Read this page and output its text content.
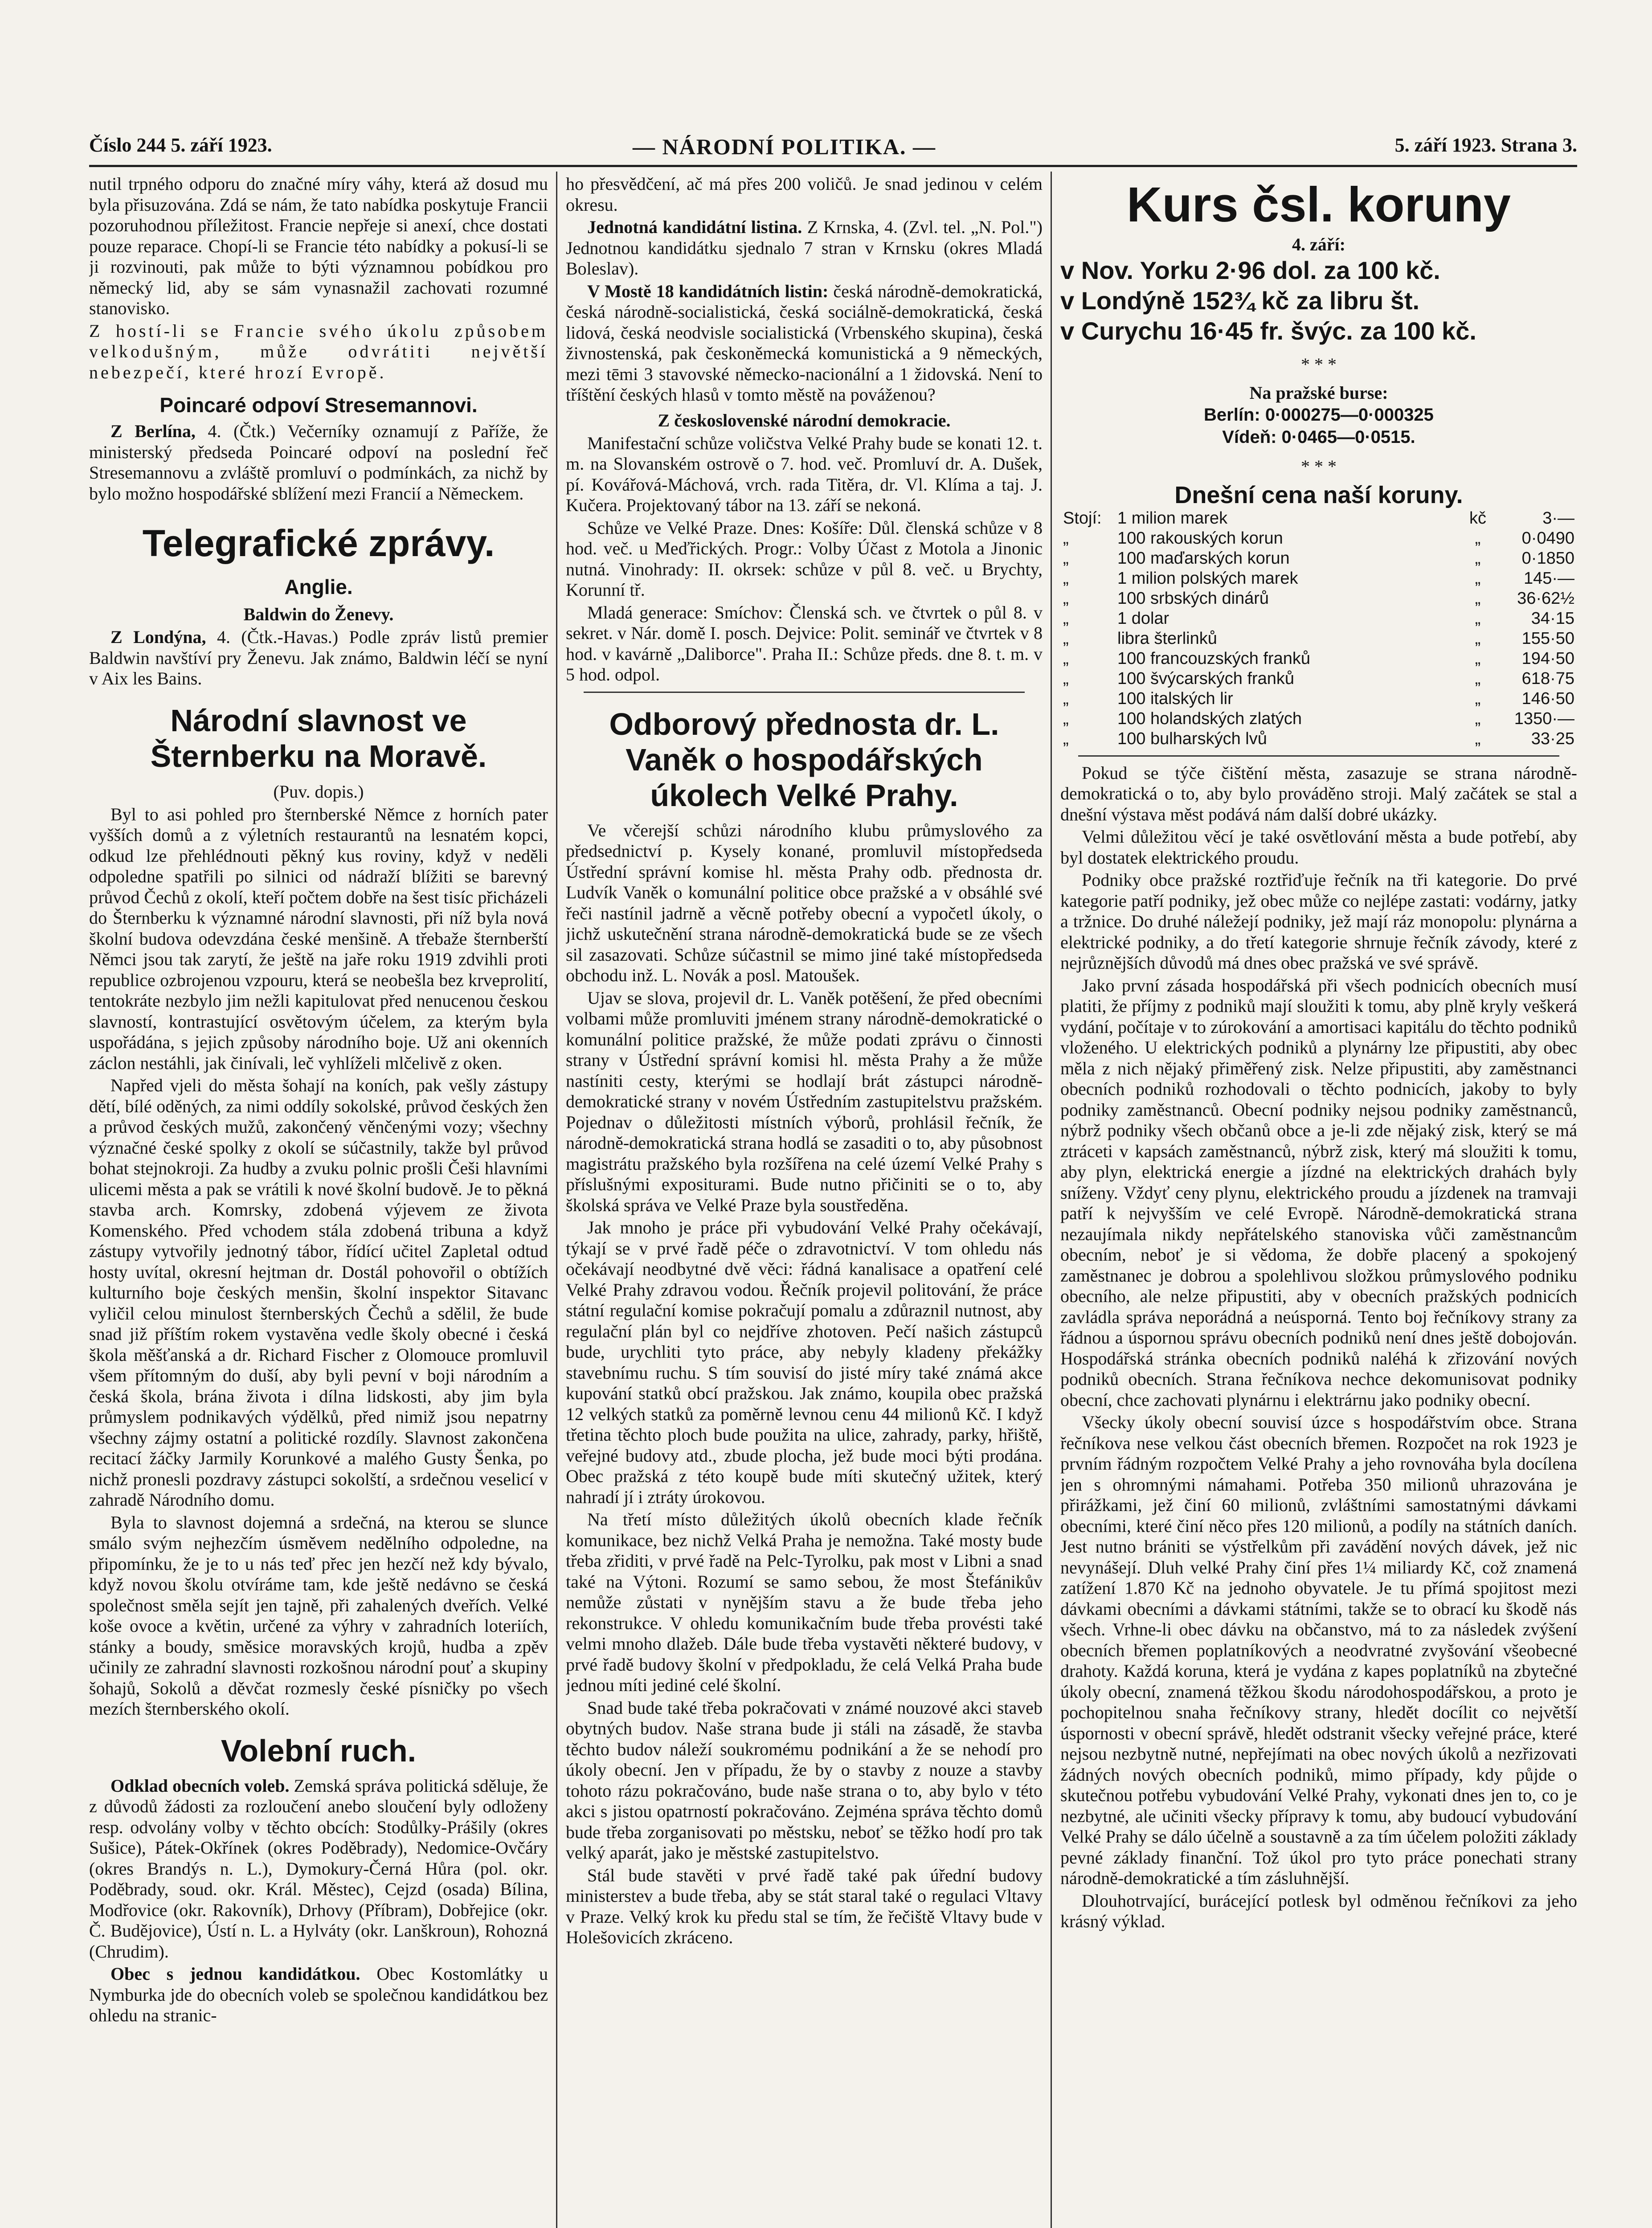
Číslo 244 5. září 1923.	— NÁRODNÍ POLITIKA. —	5. září 1923. Strana 3.

nutil trpného odporu do značné míry váhy, která až dosud mu byla přisuzována. Zdá se nám, že tato nabídka poskytuje Francii pozoruhodnou příležitost. Francie nepřeje si anexí, chce dostati pouze reparace. Chopí-li se Francie této nabídky a pokusí-li se ji rozvinouti, pak může to býti významnou pobídkou pro německý lid, aby se sám vynasnažil zachovati rozumné stanovisko.

Z hostí-li se Francie svého úkolu způsobem velkodušným, může odvrátiti největší nebezpečí, které hrozí Evropě.

Poincaré odpoví Stresemannovi.

Z Berlína, 4. (Čtk.) Večerníky oznamují z Paříže, že ministerský předseda Poincaré odpoví na poslední řeč Stresemannovu a zvláště promluví o podmínkách, za nichž by bylo možno hospodářské sblížení mezi Francií a Německem.

Telegrafické zprávy.
Anglie.
Baldwin do Ženevy.

Z Londýna, 4. (Čtk.-Havas.) Podle zpráv listů premier Baldwin navštíví pry Ženevu. Jak známo, Baldwin léčí se nyní v Aix les Bains.

Národní slavnost ve Šternberku na Moravě.
(Puv. dopis.)

Byl to asi pohled pro šternberské Němce z horních pater vyšších domů a z výletních restaurantů na lesnatém kopci, odkud lze přehlédnouti pěkný kus roviny, když v neděli odpoledne spatřili po silnici od nádraží blížiti se barevný průvod Čechů z okolí, kteří počtem dobře na šest tisíc přicházeli do Šternberku k významné národní slavnosti, při níž byla nová školní budova odevzdána české menšině. A třebaže šternberští Němci jsou tak zarytí, že ještě na jaře roku 1919 zdvihli proti republice ozbrojenou vzpouru, která se neobešla bez krveprolití, tentokráte nezbylo jim nežli kapitulovat před nenucenou českou slavností, kontrastující osvětovým účelem, za kterým byla uspořádána, s jejich způsoby národního boje. Už ani okenních záclon nestáhli, jak činívali, leč vyhlíželi mlčelivě z oken.

Napřed vjeli do města šohají na koních, pak vešly zástupy dětí, bílé oděných, za nimi oddíly sokolské, průvod českých žen a průvod českých mužů, zakončený věnčenými vozy; všechny význačné české spolky z okolí se súčastnily, takže byl průvod bohat stejnokroji. Za hudby a zvuku polnic prošli Češi hlavními ulicemi města a pak se vrátili k nové školní budově. Je to pěkná stavba arch. Komrsky, zdobená výjevem ze života Komenského. Před vchodem stála zdobená tribuna a když zástupy vytvořily jednotný tábor, řídící učitel Zapletal odtud hosty uvítal, okresní hejtman dr. Dostál pohovořil o obtížích kulturního boje českých menšin, školní inspektor Sitavanc vyličil celou minulost šternberských Čechů a sdělil, že bude snad již příštím rokem vystavěna vedle školy obecné i česká škola měšťanská a dr. Richard Fischer z Olomouce promluvil všem přítomným do duší, aby byli pevní v boji národním a česká škola, brána života i dílna lidskosti, aby jim byla průmyslem podnikavých výdělků, před nimiž jsou nepatrny všechny zájmy ostatní a politické rozdíly. Slavnost zakončena recitací žáčky Jarmily Korunkové a malého Gusty Šenka, po nichž pronesli pozdravy zástupci sokolští, a srdečnou veselicí v zahradě Národního domu.

Byla to slavnost dojemná a srdečná, na kterou se slunce smálo svým nejhezčím úsměvem nedělního odpoledne, na připomínku, že je to u nás teď přec jen hezčí než kdy bývalo, když novou školu otvíráme tam, kde ještě nedávno se česká společnost směla sejít jen tajně, při zahalených dveřích. Velké koše ovoce a květin, určené za výhry v zahradních loteriích, stánky a boudy, směsice moravských krojů, hudba a zpěv učinily ze zahradní slavnosti rozkošnou národní pouť a skupiny šohajů, Sokolů a děvčat rozmesly české písničky po všech mezích šternberského okolí.

Volební ruch.

Odklad obecních voleb. Zemská správa politická sděluje, že z důvodů žádosti za rozloučení anebo sloučení byly odloženy resp. odvolány volby v těchto obcích: Stodůlky-Prášily (okres Sušice), Pátek-Okřínek (okres Poděbrady), Nedomice-Ovčáry (okres Brandýs n. L.), Dymokury-Černá Hůra (pol. okr. Poděbrady, soud. okr. Král. Městec), Cejzd (osada) Bílina, Modřovice (okr. Rakovník), Drhovy (Příbram), Dobřejice (okr. Č. Budějovice), Ústí n. L. a Hylváty (okr. Lanškroun), Rohozná (Chrudim).

Obec s jednou kandidátkou. Obec Kostomlátky u Nymburka jde do obecních voleb se společnou kandidátkou bez ohledu na stranic-

ho přesvědčení, ač má přes 200 voličů. Je snad jedinou v celém okresu.

Jednotná kandidátní listina. Z Krnska, 4. (Zvl. tel. „N. Pol.") Jednotnou kandidátku sjednalo 7 stran v Krnsku (okres Mladá Boleslav).

V Mostě 18 kandidátních listin: česká národně-demokratická, česká národně-socialistická, česká sociálně-demokratická, česká lidová, česká neodvisle socialistická (Vrbenského skupina), česká živnostenská, pak českoněmecká komunistická a 9 německých, mezi tēmi 3 stavovské německo-nacionální a 1 židovská. Není to tříštění českých hlasů v tomto městě na pováženou?

Z československé národní demokracie.

Manifestační schůze voličstva Velké Prahy bude se konati 12. t. m. na Slovanském ostrově o 7. hod. več. Promluví dr. A. Dušek, pí. Kovářová-Máchová, vrch. rada Titěra, dr. Vl. Klíma a taj. J. Kučera. Projektovaný tábor na 13. září se nekoná.

Schůze ve Velké Praze. Dnes: Košíře: Důl. členská schůze v 8 hod. več. u Meďřických. Progr.: Volby Účast z Motola a Jinonic nutná. Vinohrady: II. okrsek: schůze v půl 8. več. u Brychty, Korunní tř.

Mladá generace: Smíchov: Členská sch. ve čtvrtek o půl 8. v sekret. v Nár. domě I. posch. Dejvice: Polit. seminář ve čtvrtek v 8 hod. v kavárně „Daliborce". Praha II.: Schůze předs. dne 8. t. m. v 5 hod. odpol.

Odborový přednosta dr. L. Vaněk o hospodářských úkolech Velké Prahy.

Ve včerejší schůzi národního klubu průmyslového za předsednictví p. Kysely konané, promluvil místopředseda Ústřední správní komise hl. města Prahy odb. přednosta dr. Ludvík Vaněk o komunální politice obce pražské a v obsáhlé své řeči nastínil jadrně a věcně potřeby obecní a vypočetl úkoly, o jichž uskutečnění strana národně-demokratická bude se ze všech sil zasazovati. Schůze súčastnil se mimo jiné také místopředseda obchodu inž. L. Novák a posl. Matoušek.

Ujav se slova, projevil dr. L. Vaněk potěšení, že před obecními volbami může promluviti jménem strany národně-demokratické o komunální politice pražské, že může podati zprávu o činnosti strany v Ústřední správní komisi hl. města Prahy a že může nastíniti cesty, kterými se hodlají brát zástupci národně-demokratické strany v novém Ústředním zastupitelstvu pražském. Pojednav o důležitosti místních výborů, prohlásil řečník, že národně-demokratická strana hodlá se zasaditi o to, aby působnost magistrátu pražského byla rozšířena na celé území Velké Prahy s příslušnými expositurami. Bude nutno přičiniti se o to, aby školská správa ve Velké Praze byla soustředěna.

Jak mnoho je práce při vybudování Velké Prahy očekávají, týkají se v prvé řadě péče o zdravotnictví. V tom ohledu nás očekávají neodbytné dvě věci: řádná kanalisace a opatření celé Velké Prahy zdravou vodou. Řečník projevil politování, že práce státní regulační komise pokračují pomalu a zdůraznil nutnost, aby regulační plán byl co nejdříve zhotoven. Pečí našich zástupců bude, urychliti tyto práce, aby nebyly kladeny překážky stavebnímu ruchu. S tím souvisí do jisté míry také známá akce kupování statků obcí pražskou. Jak známo, koupila obec pražská 12 velkých statků za poměrně levnou cenu 44 milionů Kč. I když třetina těchto ploch bude použita na ulice, zahrady, parky, hřiště, veřejné budovy atd., zbude plocha, jež bude moci býti prodána. Obec pražská z této koupě bude míti skutečný užitek, který nahradí jí i ztráty úrokovou.

Na třetí místo důležitých úkolů obecních klade řečník komunikace, bez nichž Velká Praha je nemožna. Také mosty bude třeba zřiditi, v prvé řadě na Pelc-Tyrolku, pak most v Libni a snad také na Výtoni. Rozumí se samo sebou, že most Štefánikův nemůže zůstati v nynějším stavu a že bude třeba jeho rekonstrukce. V ohledu komunikačním bude třeba provésti také velmi mnoho dlažeb. Dále bude třeba vystavěti některé budovy, v prvé řadě budovy školní v předpokladu, že celá Velká Praha bude jednou míti jediné celé školní.

Snad bude také třeba pokračovati v známé nouzové akci staveb obytných budov. Naše strana bude ji stáli na zásadě, že stavba těchto budov náleží soukromému podnikání a že se nehodí pro úkoly obecní. Jen v případu, že by o stavby z nouze a stavby tohoto rázu pokračováno, bude naše strana o to, aby bylo v této akci s jistou opatrností pokračováno. Zejména správa těchto domů bude třeba zorganisovati po městsku, neboť se těžko hodí pro tak velký aparát, jako je městské zastupitelstvo.

Stál bude stavěti v prvé řadě také pak úřední budovy ministerstev a bude třeba, aby se stát staral také o regulaci Vltavy v Praze. Velký krok ku předu stal se tím, že řečiště Vltavy bude v Holešovicích zkráceno.

Kurs čsl. koruny
4. září:
v Nov. Yorku 2·96 dol. za 100 kč.
v Londýně 152¾ kč za libru št.
v Curychu 16·45 fr. švýc. za 100 kč.
* * *
Na pražské burse:
Berlín: 0·000275—0·000325
Vídeň: 0·0465—0·0515.
* * *
Dnešní cena naší koruny.
Stojí:	1 milion marek	kč	3·—
„	100 rakouských korun	„	0·0490
„	100 maďarských korun	„	0·1850
„	1 milion polských marek	„	145·—
„	100 srbských dinárů	„	36·62½
„	1 dolar	„	34·15
„	libra šterlinků	„	155·50
„	100 francouzských franků	„	194·50
„	100 švýcarských franků	„	618·75
„	100 italských lir	„	146·50
„	100 holandských zlatých	„	1350·—
„	100 bulharských lvů	„	33·25

Pokud se týče čištění města, zasazuje se strana národně-demokratická o to, aby bylo prováděno stroji. Malý začátek se stal a dnešní výstava měst podává nám další dobré ukázky.

Velmi důležitou věcí je také osvětlování města a bude potřebí, aby byl dostatek elektrického proudu.

Podniky obce pražské roztřiďuje řečník na tři kategorie. Do prvé kategorie patří podniky, jež obec může co nejlépe zastati: vodárny, jatky a tržnice. Do druhé náležejí podniky, jež mají ráz monopolu: plynárna a elektrické podniky, a do třetí kategorie shrnuje řečník závody, které z nejrůznějších důvodů má dnes obec pražská ve své správě.

Jako první zásada hospodářská při všech podnicích obecních musí platiti, že příjmy z podniků mají sloužiti k tomu, aby plně kryly veškerá vydání, počítaje v to zúrokování a amortisaci kapitálu do těchto podniků vloženého. U elektrických podniků a plynárny lze připustiti, aby obec měla z nich nějaký přiměřený zisk. Nelze připustiti, aby zaměstnanci obecních podniků rozhodovali o těchto podnicích, jakoby to byly podniky zaměstnanců. Obecní podniky nejsou podniky zaměstnanců, nýbrž podniky všech občanů obce a je-li zde nějaký zisk, který se má ztráceti v kapsách zaměstnanců, nýbrž zisk, který má sloužiti k tomu, aby plyn, elektrická energie a jízdné na elektrických drahách byly sníženy. Vždyť ceny plynu, elektrického proudu a jízdenek na tramvaji patří k nejvyšším ve celé Evropě. Národně-demokratická strana nezaujímala nikdy nepřátelského stanoviska vůči zaměstnancům obecním, neboť je si vědoma, že dobře placený a spokojený zaměstnanec je dobrou a spolehlivou složkou průmyslového podniku obecního, ale nelze připustiti, aby v obecních pražských podnicích zavládla správa neporádná a neúsporná. Tento boj řečníkovy strany za řádnou a úspornou správu obecních podniků není dnes ještě dobojován. Hospodářská stránka obecních podniků naléhá k zřizování nových podniků obecních. Strana řečníkova nechce dekomunisovat podniky obecní, chce zachovati plynárnu i elektrárnu jako podniky obecní.

Všecky úkoly obecní souvisí úzce s hospodářstvím obce. Strana řečníkova nese velkou část obecních břemen. Rozpočet na rok 1923 je prvním řádným rozpočtem Velké Prahy a jeho rovnováha byla docílena jen s ohromnými námahami. Potřeba 350 milionů uhrazována je přirážkami, jež činí 60 milionů, zvláštními samostatnými dávkami obecními, které činí něco přes 120 milionů, a podíly na státních daních. Jest nutno brániti se výstřelkům při zavádění nových dávek, jež nic nevynášejí. Dluh velké Prahy činí přes 1¼ miliardy Kč, což znamená zatížení 1.870 Kč na jednoho obyvatele. Je tu přímá spojitost mezi dávkami obecními a dávkami státními, takže se to obrací ku škodě nás všech. Vrhne-li obec dávku na občanstvo, má to za následek zvýšení obecních břemen poplatníkových a neodvratné zvyšování všeobecné drahoty. Každá koruna, která je vydána z kapes poplatníků na zbytečné úkoly obecní, znamená těžkou škodu národohospodářskou, a proto je pochopitelnou snaha řečníkovy strany, hledět docílit co největší úspornosti v obecní správě, hledět odstranit všecky veřejné práce, které nejsou nezbytně nutné, nepřejímati na obec nových úkolů a nezřizovati žádných nových obecních podniků, mimo případy, kdy půjde o skutečnou potřebu vybudování Velké Prahy, vykonati dnes jen to, co je nezbytné, ale učiniti všecky přípravy k tomu, aby budoucí vybudování Velké Prahy se dálo účelně a soustavně a za tím účelem položiti základy pevné základy finanční. Tož úkol pro tyto práce ponechati strany národně-demokratické a tím zásluhnější.

Dlouhotrvající, burácející potlesk byl odměnou řečníkovi za jeho krásný výklad.
